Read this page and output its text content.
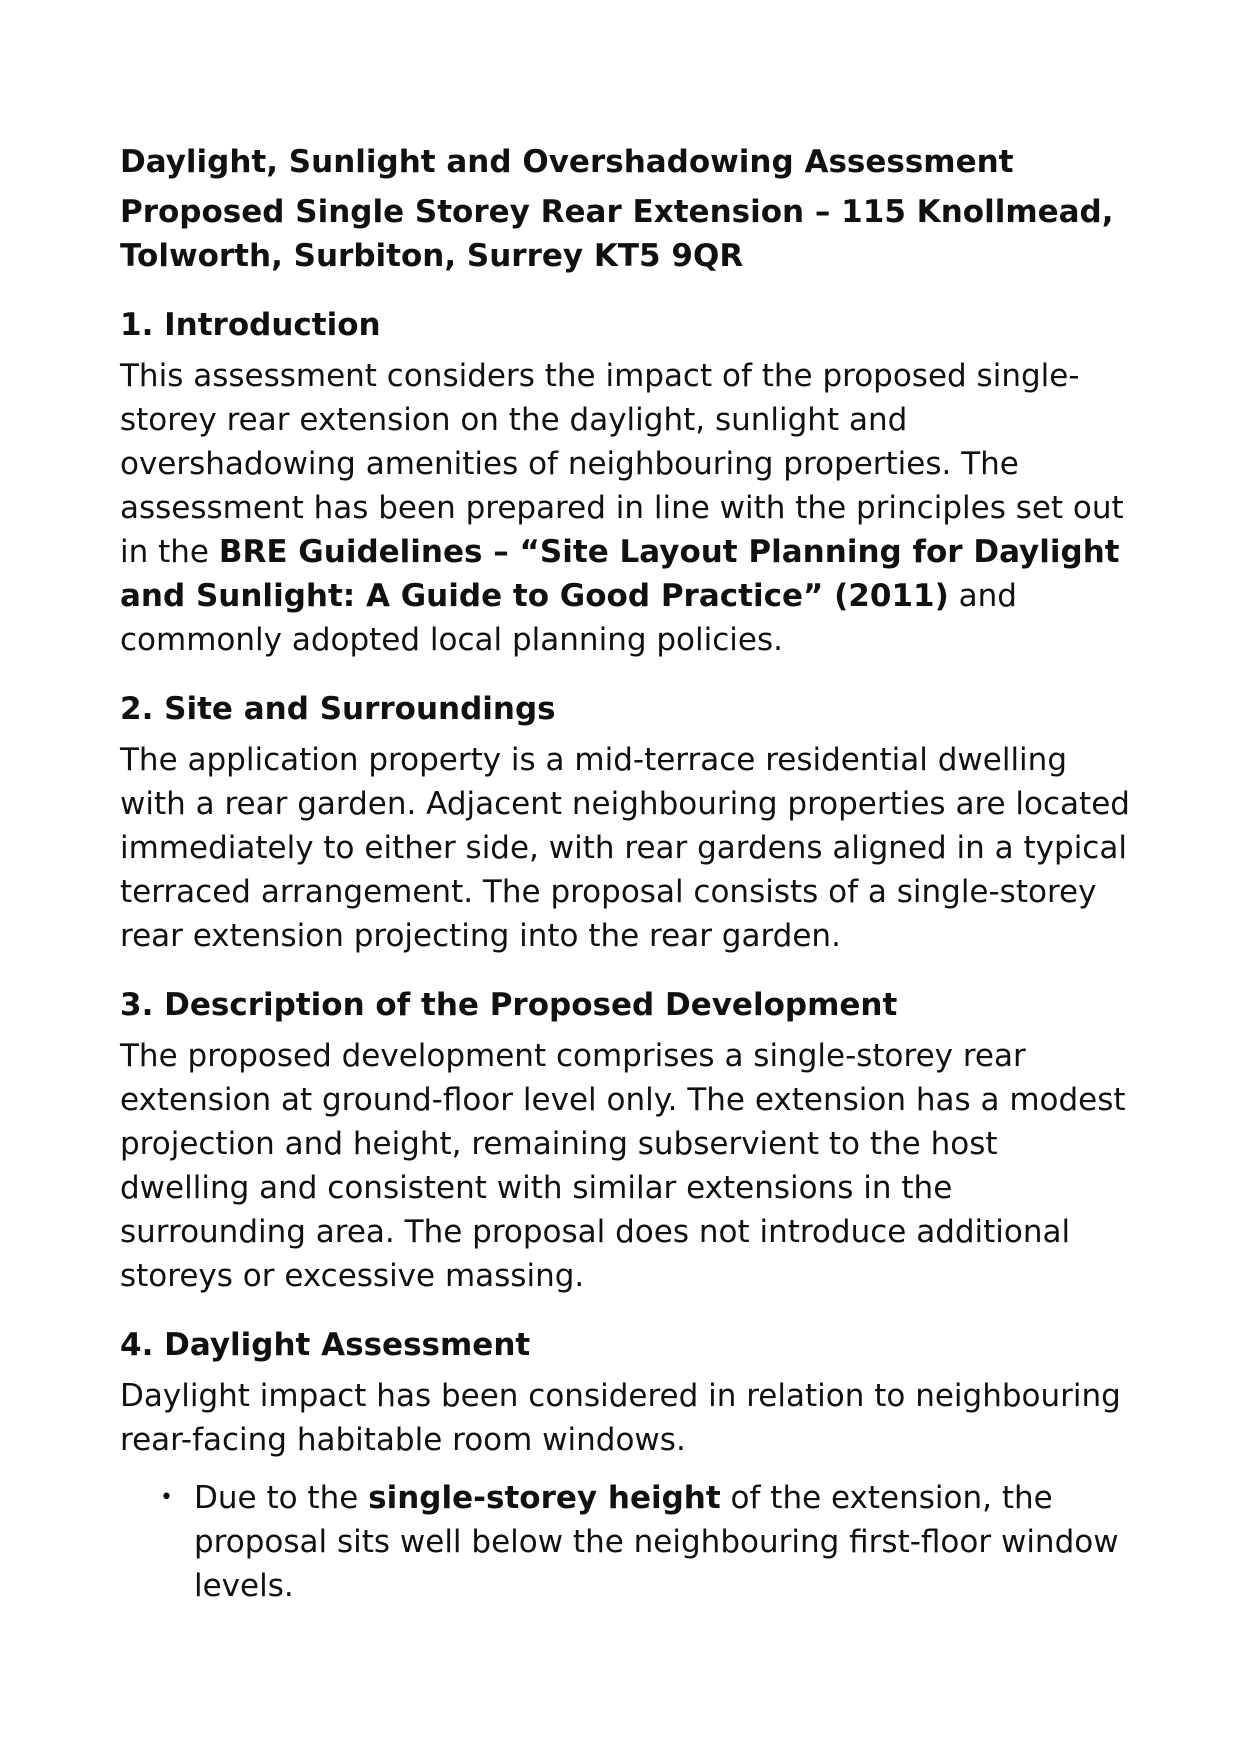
Daylight, Sunlight and Overshadowing Assessment
Proposed Single Storey Rear Extension – 115 Knollmead, Tolworth, Surbiton, Surrey KT5 9QR
1. Introduction

This assessment considers the impact of the proposed single-storey rear extension on the daylight, sunlight and overshadowing amenities of neighbouring properties. The assessment has been prepared in line with the principles set out in the BRE Guidelines – “Site Layout Planning for Daylight and Sunlight: A Guide to Good Practice” (2011) and commonly adopted local planning policies.

2. Site and Surroundings

The application property is a mid-terrace residential dwelling with a rear garden. Adjacent neighbouring properties are located immediately to either side, with rear gardens aligned in a typical terraced arrangement. The proposal consists of a single-storey rear extension projecting into the rear garden.

3. Description of the Proposed Development

The proposed development comprises a single-storey rear extension at ground-floor level only. The extension has a modest projection and height, remaining subservient to the host dwelling and consistent with similar extensions in the surrounding area. The proposal does not introduce additional storeys or excessive massing.

4. Daylight Assessment

Daylight impact has been considered in relation to neighbouring rear-facing habitable room windows.

• Due to the single-storey height of the extension, the proposal sits well below the neighbouring first-floor window levels.
